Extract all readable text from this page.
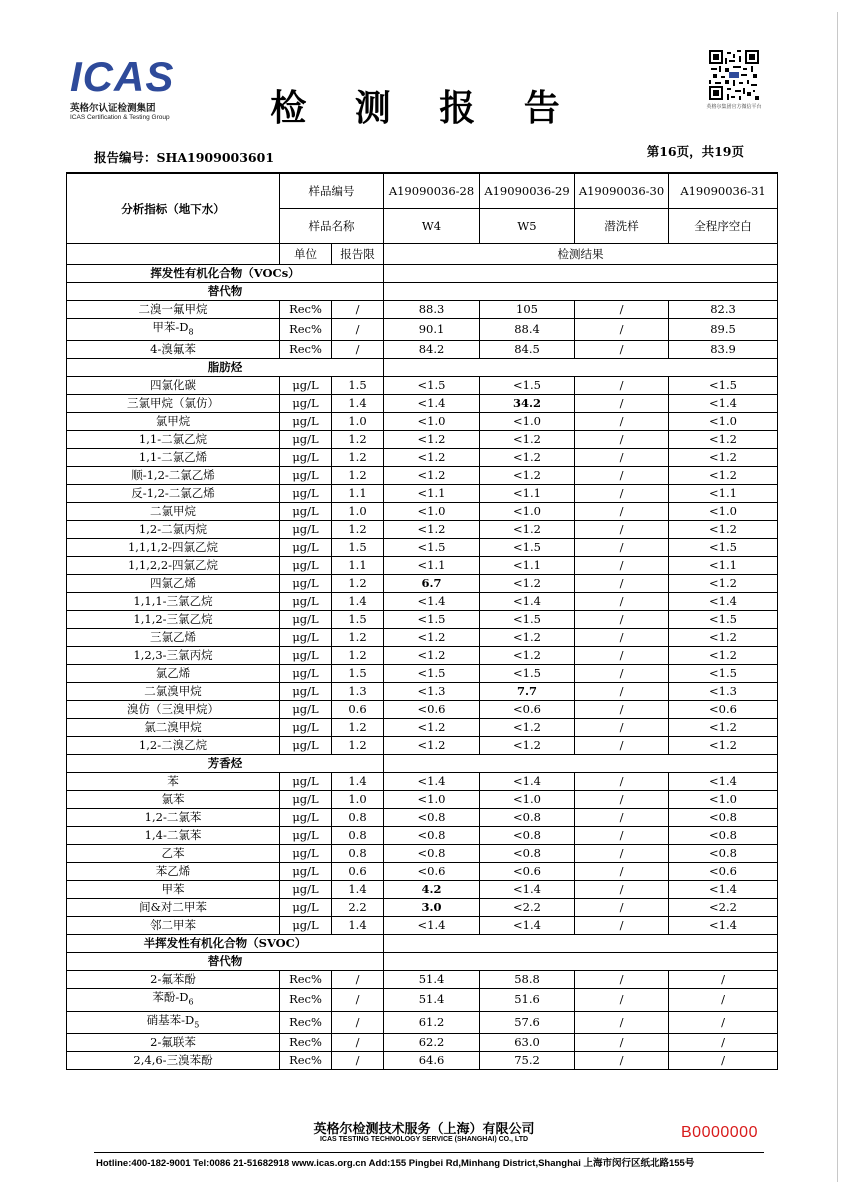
ICAS
英格尔认证检测集团
ICAS Certification & Testing Group	检 测 报 告	英格尔集团官方微信平台
报告编号：SHA1909003601	第16页，共19页
分析指标（地下水）	样品编号		A19090036-28	A19090036-29	A19090036-30	A19090036-31
	样品名称		W4	W5	潜洗样	全程序空白
	单位	报告限	检测结果			
挥发性有机化合物（VOCs）						
替代物						
二溴一氟甲烷	Rec%	/	88.3	105	/	82.3
甲苯$-D_8$	Rec%	/	90.1	88.4	/	89.5
4-溴氟苯	Rec%	/	84.2	84.5	/	83.9
脂肪烃						
四氯化碳	μg/L	1.5	<1.5	<1.5	/	<1.5
三氯甲烷（氯仿）	μg/L	1.4	<1.4	34.2	/	<1.4
氯甲烷	μg/L	1.0	<1.0	<1.0	/	<1.0
1,1-二氯乙烷	μg/L	1.2	<1.2	<1.2	/	<1.2
1,1-二氯乙烯	μg/L	1.2	<1.2	<1.2	/	<1.2
顺-1,2-二氯乙烯	μg/L	1.2	<1.2	<1.2	/	<1.2
反-1,2-二氯乙烯	μg/L	1.1	<1.1	<1.1	/	<1.1
二氯甲烷	μg/L	1.0	<1.0	<1.0	/	<1.0
1,2-二氯丙烷	μg/L	1.2	<1.2	<1.2	/	<1.2
1,1,1,2-四氯乙烷	μg/L	1.5	<1.5	<1.5	/	<1.5
1,1,2,2-四氯乙烷	μg/L	1.1	<1.1	<1.1	/	<1.1
四氯乙烯	μg/L	1.2	6.7	<1.2	/	<1.2
1,1,1-三氯乙烷	μg/L	1.4	<1.4	<1.4	/	<1.4
1,1,2-三氯乙烷	μg/L	1.5	<1.5	<1.5	/	<1.5
三氯乙烯	μg/L	1.2	<1.2	<1.2	/	<1.2
1,2,3-三氯丙烷	μg/L	1.2	<1.2	<1.2	/	<1.2
氯乙烯	μg/L	1.5	<1.5	<1.5	/	<1.5
二氯溴甲烷	μg/L	1.3	<1.3	7.7	/	<1.3
溴仿（三溴甲烷）	μg/L	0.6	<0.6	<0.6	/	<0.6
氯二溴甲烷	μg/L	1.2	<1.2	<1.2	/	<1.2
1,2-二溴乙烷	μg/L	1.2	<1.2	<1.2	/	<1.2
芳香烃						
苯	μg/L	1.4	<1.4	<1.4	/	<1.4
氯苯	μg/L	1.0	<1.0	<1.0	/	<1.0
1,2-二氯苯	μg/L	0.8	<0.8	<0.8	/	<0.8
1,4-二氯苯	μg/L	0.8	<0.8	<0.8	/	<0.8
乙苯	μg/L	0.8	<0.8	<0.8	/	<0.8
苯乙烯	μg/L	0.6	<0.6	<0.6	/	<0.6
甲苯	μg/L	1.4	4.2	<1.4	/	<1.4
间&对二甲苯	μg/L	2.2	3.0	<2.2	/	<2.2
邻二甲苯	μg/L	1.4	<1.4	<1.4	/	<1.4
半挥发性有机化合物（SVOC）						
替代物						
2-氟苯酚	Rec%	/	51.4	58.8	/	/
苯酚$-D_6$	Rec%	/	51.4	51.6	/	/
硝基苯$-D_5$	Rec%	/	61.2	57.6	/	/
2-氟联苯	Rec%	/	62.2	63.0	/	/
2,4,6-三溴苯酚	Rec%	/	64.6	75.2	/	/
英格尔检测技术服务（上海）有限公司
ICAS TESTING TECHNOLOGY SERVICE (SHANGHAI) CO., LTD	B0000000
Hotline:400-182-9001 Tel:0086 21-51682918 www.icas.org.cn Add:155 Pingbei Rd,Minhang District,Shanghai 上海市闵行区纸北路155号
